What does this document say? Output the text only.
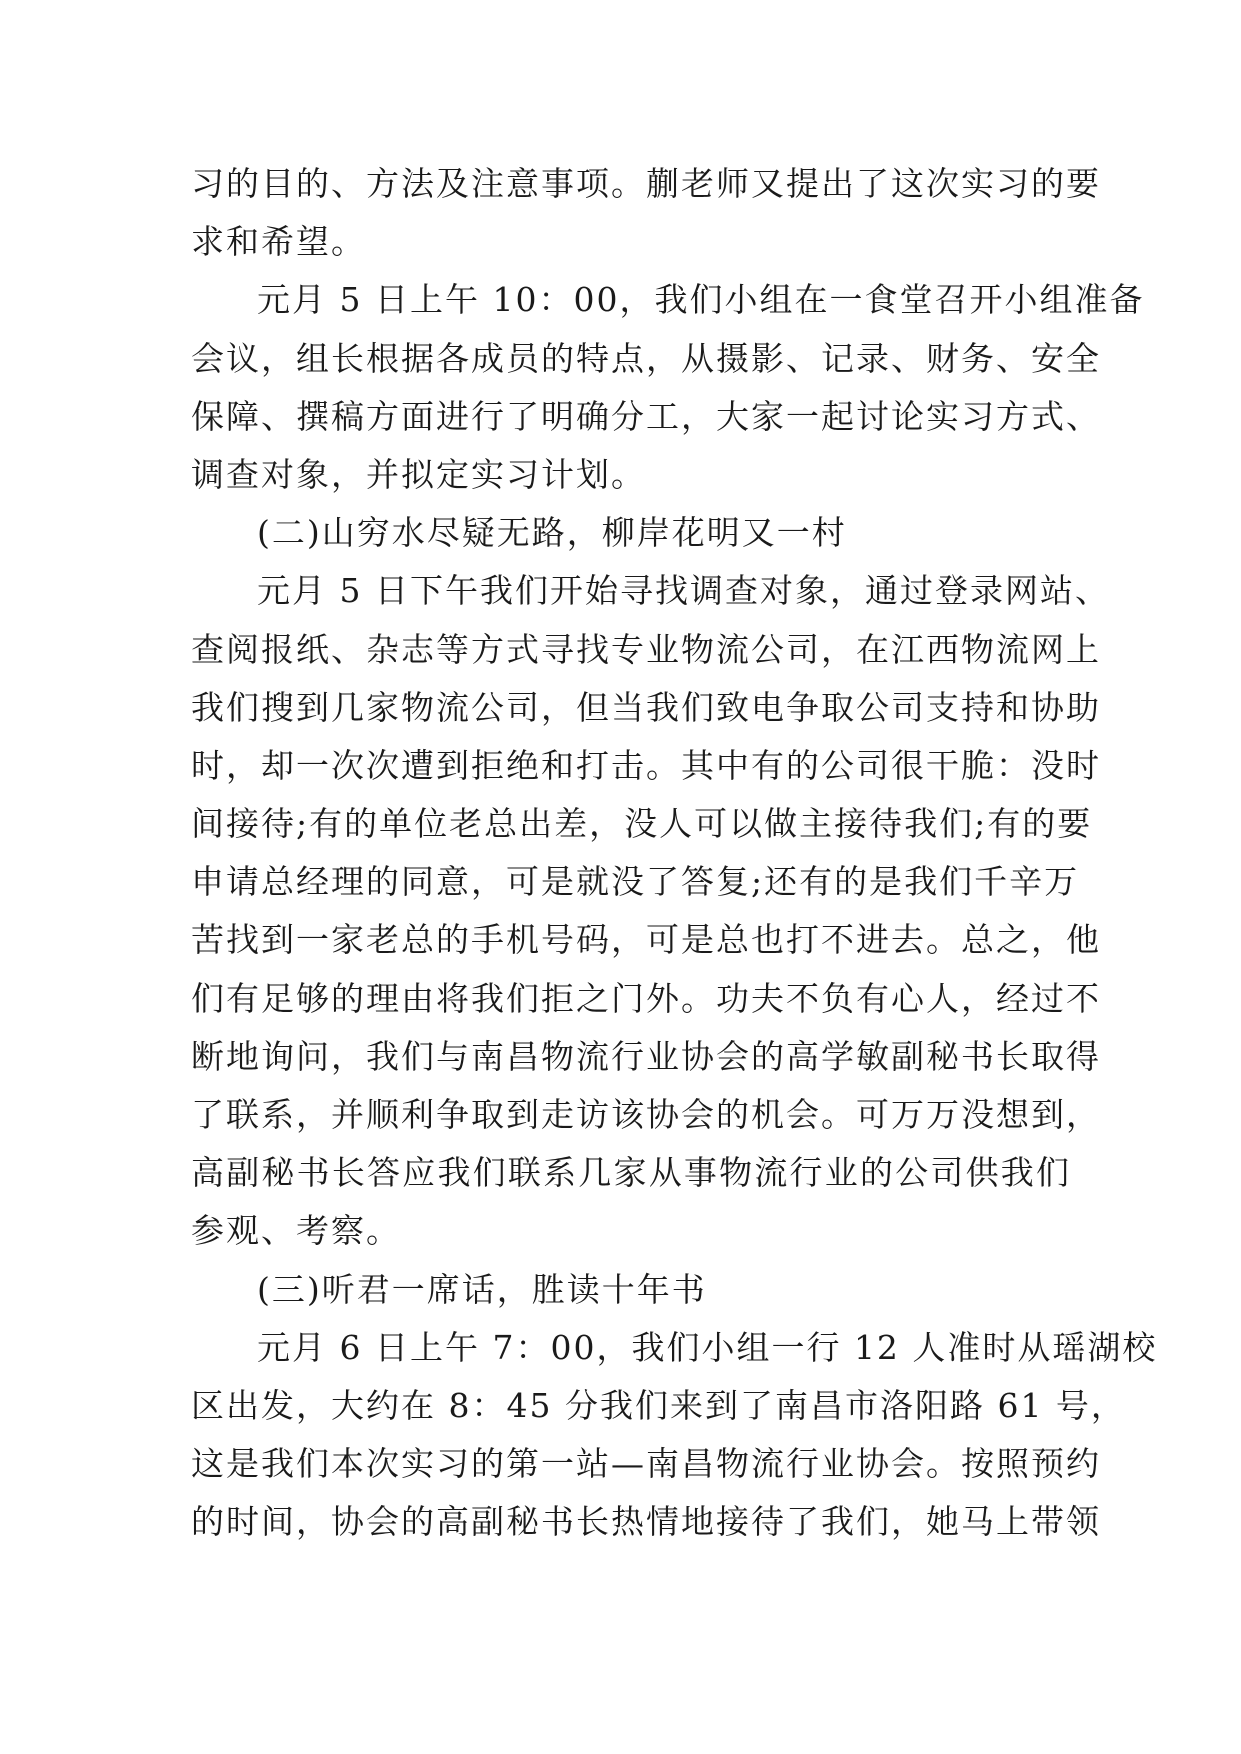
习的目的、方法及注意事项。蒯老师又提出了这次实习的要
求和希望。
元月 5 日上午 10：00，我们小组在一食堂召开小组准备
会议，组长根据各成员的特点，从摄影、记录、财务、安全
保障、撰稿方面进行了明确分工，大家一起讨论实习方式、
调查对象，并拟定实习计划。
(二)山穷水尽疑无路，柳岸花明又一村
元月 5 日下午我们开始寻找调查对象，通过登录网站、
查阅报纸、杂志等方式寻找专业物流公司，在江西物流网上
我们搜到几家物流公司，但当我们致电争取公司支持和协助
时，却一次次遭到拒绝和打击。其中有的公司很干脆：没时
间接待;有的单位老总出差，没人可以做主接待我们;有的要
申请总经理的同意，可是就没了答复;还有的是我们千辛万
苦找到一家老总的手机号码，可是总也打不进去。总之，他
们有足够的理由将我们拒之门外。功夫不负有心人，经过不
断地询问，我们与南昌物流行业协会的高学敏副秘书长取得
了联系，并顺利争取到走访该协会的机会。可万万没想到，
高副秘书长答应我们联系几家从事物流行业的公司供我们
参观、考察。
(三)听君一席话，胜读十年书
元月 6 日上午 7：00，我们小组一行 12 人准时从瑶湖校
区出发，大约在 8：45 分我们来到了南昌市洛阳路 61 号，
这是我们本次实习的第一站—南昌物流行业协会。按照预约
的时间，协会的高副秘书长热情地接待了我们，她马上带领
